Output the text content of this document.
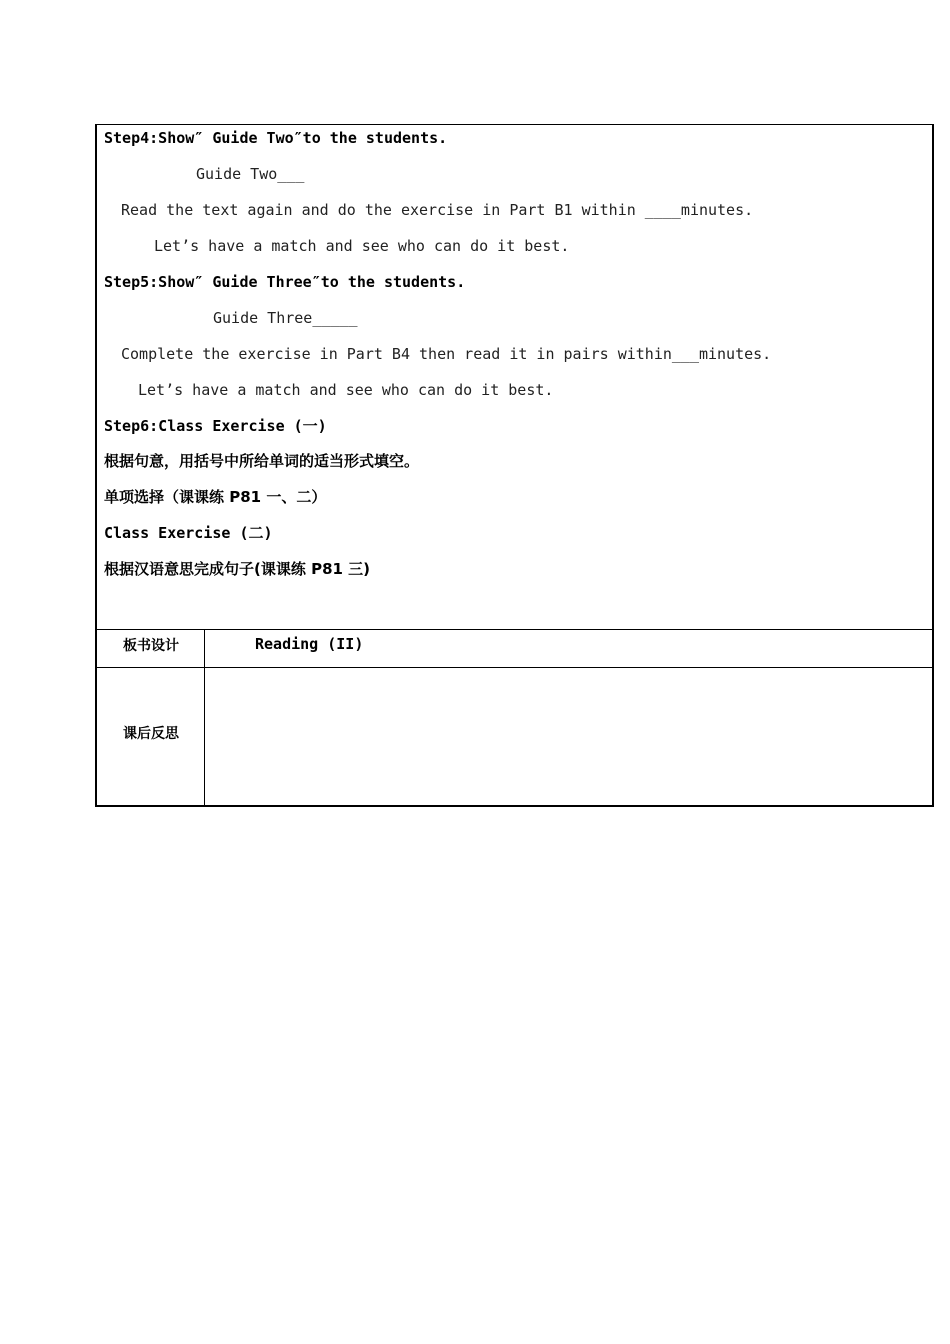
Step4:Show″ Guide Two″to the students.
Guide Two___
Read the text again and do the exercise in Part B1 within ____minutes.
Let’s have a match and see who can do it best.
Step5:Show″ Guide Three″to the students.
Guide Three_____
Complete the exercise in Part B4 then read it in pairs within___minutes.
Let’s have a match and see who can do it best.
Step6:Class Exercise (一)
根据句意，用括号中所给单词的适当形式填空。
单项选择（课课练 P81 一、二）
Class Exercise (二)
根据汉语意思完成句子(课课练 P81 三)
板书设计	Reading (II)
课后反思
